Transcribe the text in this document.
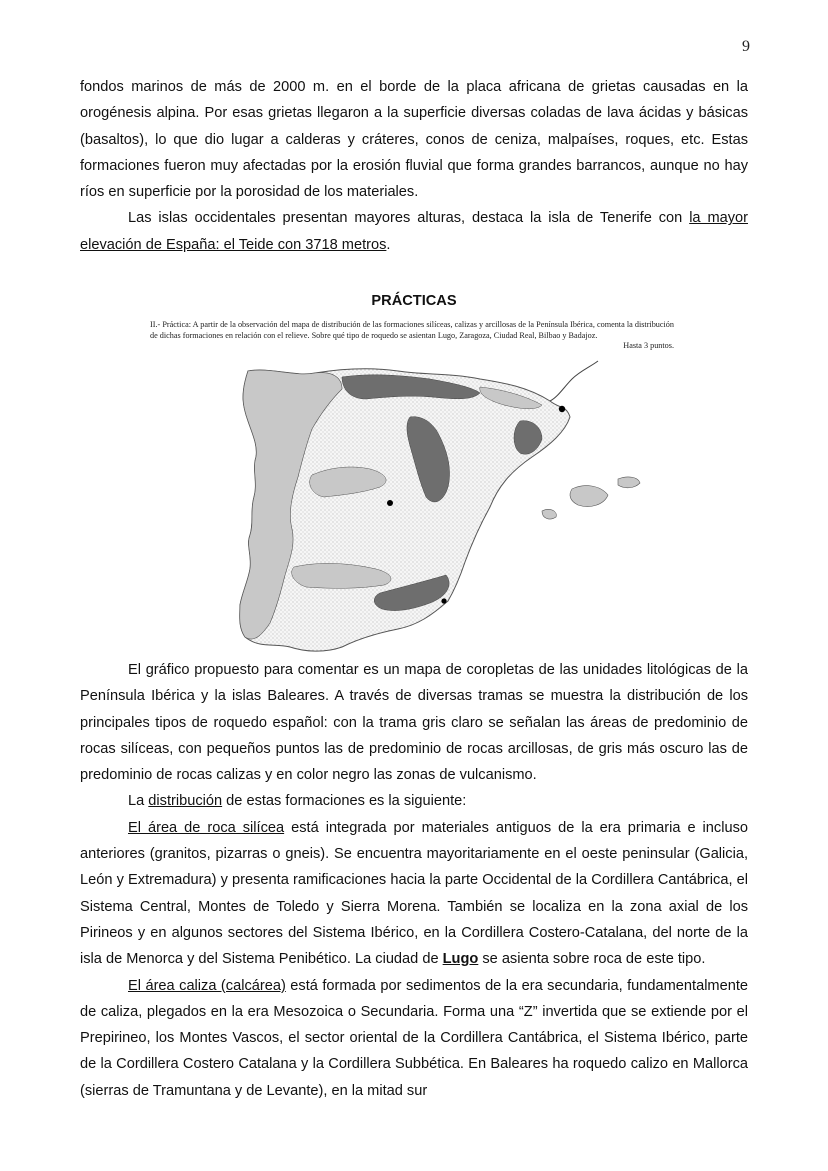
9

fondos marinos de más de 2000 m. en el borde de la placa africana de grietas causadas en la orogénesis alpina. Por esas grietas llegaron a la superficie diversas coladas de lava ácidas y básicas (basaltos), lo que dio lugar a calderas y cráteres, conos de ceniza, malpaíses, roques, etc. Estas formaciones fueron muy afectadas por la erosión fluvial que forma grandes barrancos, aunque no hay ríos en superficie por la porosidad de los materiales.

Las islas occidentales presentan mayores alturas, destaca la isla de Tenerife con la mayor elevación de España: el Teide con 3718 metros.

PRÁCTICAS

II.- Práctica: A partir de la observación del mapa de distribución de las formaciones silíceas, calizas y arcillosas de la Península Ibérica, comenta la distribución de dichas formaciones en relación con el relieve. Sobre qué tipo de roquedo se asientan Lugo, Zaragoza, Ciudad Real, Bilbao y Badajoz.
Hasta 3 puntos.

El gráfico propuesto para comentar es un mapa de coropletas de las unidades litológicas de la Península Ibérica y la islas Baleares. A través de diversas tramas se muestra la distribución de los principales tipos de roquedo español: con la trama gris claro se señalan las áreas de predominio de rocas silíceas, con pequeños puntos las de predominio de rocas arcillosas, de gris más oscuro las de predominio de rocas calizas y en color negro las zonas de vulcanismo.

La distribución de estas formaciones es la siguiente:

El área de roca silícea está integrada por materiales antiguos de la era primaria e incluso anteriores (granitos, pizarras o gneis). Se encuentra mayoritariamente en el oeste peninsular (Galicia, León y Extremadura) y presenta ramificaciones hacia la parte Occidental de la Cordillera Cantábrica, el Sistema Central, Montes de Toledo y Sierra Morena. También se localiza en la zona axial de los Pirineos y en algunos sectores del Sistema Ibérico, en la Cordillera Costero-Catalana, del norte de la isla de Menorca y del Sistema Penibético. La ciudad de Lugo se asienta sobre roca de este tipo.

El área caliza (calcárea) está formada por sedimentos de la era secundaria, fundamentalmente de caliza, plegados en la era Mesozoica o Secundaria. Forma una “Z” invertida que se extiende por el Prepirineo, los Montes Vascos, el sector oriental de la Cordillera Cantábrica, el Sistema Ibérico, parte de la Cordillera Costero Catalana y la Cordillera Subbética. En Baleares ha roquedo calizo en Mallorca (sierras de Tramuntana y de Levante), en la mitad sur
